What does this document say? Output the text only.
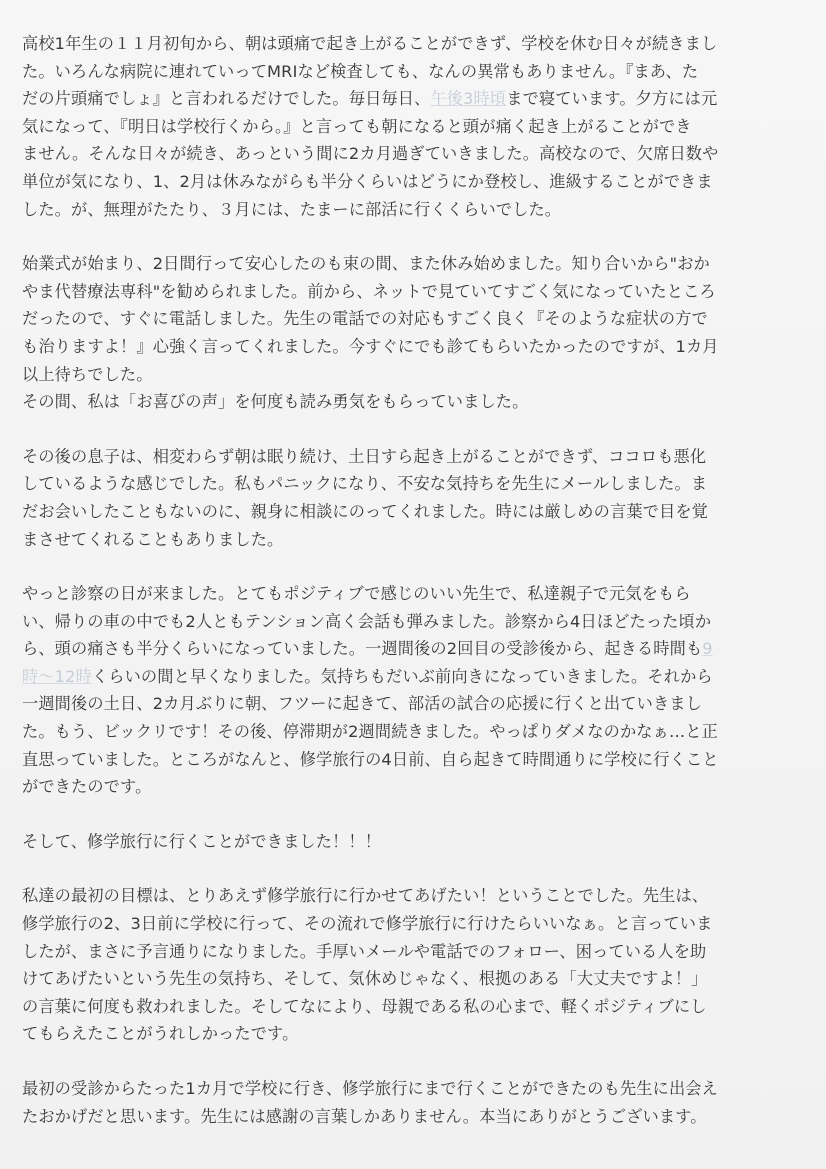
高校1年生の１１月初旬から、朝は頭痛で起き上がることができず、学校を休む日々が続きまし
た。いろんな病院に連れていってMRIなど検査しても、なんの異常もありません。『まあ、た
だの片頭痛でしょ』と言われるだけでした。毎日毎日、午後3時頃まで寝ています。夕方には元
気になって、『明日は学校行くから。』と言っても朝になると頭が痛く起き上がることができ
ません。そんな日々が続き、あっという間に2カ月過ぎていきました。高校なので、欠席日数や
単位が気になり、1、2月は休みながらも半分くらいはどうにか登校し、進級することができま
した。が、無理がたたり、３月には、たまーに部活に行くくらいでした。

始業式が始まり、2日間行って安心したのも束の間、また休み始めました。知り合いから"おか
やま代替療法専科"を勧められました。前から、ネットで見ていてすごく気になっていたところ
だったので、すぐに電話しました。先生の電話での対応もすごく良く『そのような症状の方で
も治りますよ！』心強く言ってくれました。今すぐにでも診てもらいたかったのですが、1カ月
以上待ちでした。
その間、私は「お喜びの声」を何度も読み勇気をもらっていました。

その後の息子は、相変わらず朝は眠り続け、土日すら起き上がることができず、ココロも悪化
しているような感じでした。私もパニックになり、不安な気持ちを先生にメールしました。ま
だお会いしたこともないのに、親身に相談にのってくれました。時には厳しめの言葉で目を覚
まさせてくれることもありました。

やっと診察の日が来ました。とてもポジティブで感じのいい先生で、私達親子で元気をもら
い、帰りの車の中でも2人ともテンション高く会話も弾みました。診察から4日ほどたった頃か
ら、頭の痛さも半分くらいになっていました。一週間後の2回目の受診後から、起きる時間も9
時〜12時くらいの間と早くなりました。気持ちもだいぶ前向きになっていきました。それから
一週間後の土日、2カ月ぶりに朝、フツーに起きて、部活の試合の応援に行くと出ていきまし
た。もう、ビックリです！その後、停滞期が2週間続きました。やっぱりダメなのかなぁ…と正
直思っていました。ところがなんと、修学旅行の4日前、自ら起きて時間通りに学校に行くこと
ができたのです。

そして、修学旅行に行くことができました！！！

私達の最初の目標は、とりあえず修学旅行に行かせてあげたい！ということでした。先生は、
修学旅行の2、3日前に学校に行って、その流れで修学旅行に行けたらいいなぁ。と言っていま
したが、まさに予言通りになりました。手厚いメールや電話でのフォロー、困っている人を助
けてあげたいという先生の気持ち、そして、気休めじゃなく、根拠のある「大丈夫ですよ！」
の言葉に何度も救われました。そしてなにより、母親である私の心まで、軽くポジティブにし
てもらえたことがうれしかったです。

最初の受診からたった1カ月で学校に行き、修学旅行にまで行くことができたのも先生に出会え
たおかげだと思います。先生には感謝の言葉しかありません。本当にありがとうございます。
